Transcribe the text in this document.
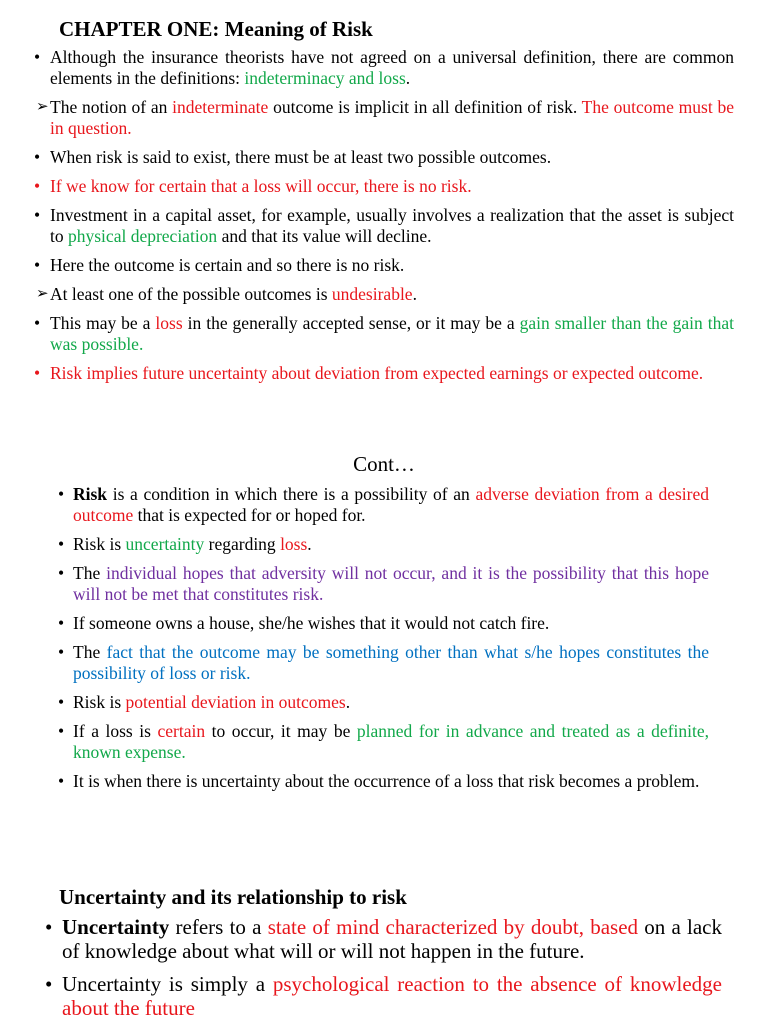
CHAPTER ONE: Meaning of Risk
• Although the insurance theorists have not agreed on a universal definition, there are common elements in the definitions: indeterminacy and loss.
➢ The notion of an indeterminate outcome is implicit in all definition of risk. The outcome must be in question.
• When risk is said to exist, there must be at least two possible outcomes.
• If we know for certain that a loss will occur, there is no risk.
• Investment in a capital asset, for example, usually involves a realization that the asset is subject to physical depreciation and that its value will decline.
• Here the outcome is certain and so there is no risk.
➢ At least one of the possible outcomes is undesirable.
• This may be a loss in the generally accepted sense, or it may be a gain smaller than the gain that was possible.
• Risk implies future uncertainty about deviation from expected earnings or expected outcome.
Cont…
• Risk is a condition in which there is a possibility of an adverse deviation from a desired outcome that is expected for or hoped for.
• Risk is uncertainty regarding loss.
• The individual hopes that adversity will not occur, and it is the possibility that this hope will not be met that constitutes risk.
• If someone owns a house, she/he wishes that it would not catch fire.
• The fact that the outcome may be something other than what s/he hopes constitutes the possibility of loss or risk.
• Risk is potential deviation in outcomes.
• If a loss is certain to occur, it may be planned for in advance and treated as a definite, known expense.
• It is when there is uncertainty about the occurrence of a loss that risk becomes a problem.
Uncertainty and its relationship to risk
• Uncertainty refers to a state of mind characterized by doubt, based on a lack of knowledge about what will or will not happen in the future.
• Uncertainty is simply a psychological reaction to the absence of knowledge about the future
